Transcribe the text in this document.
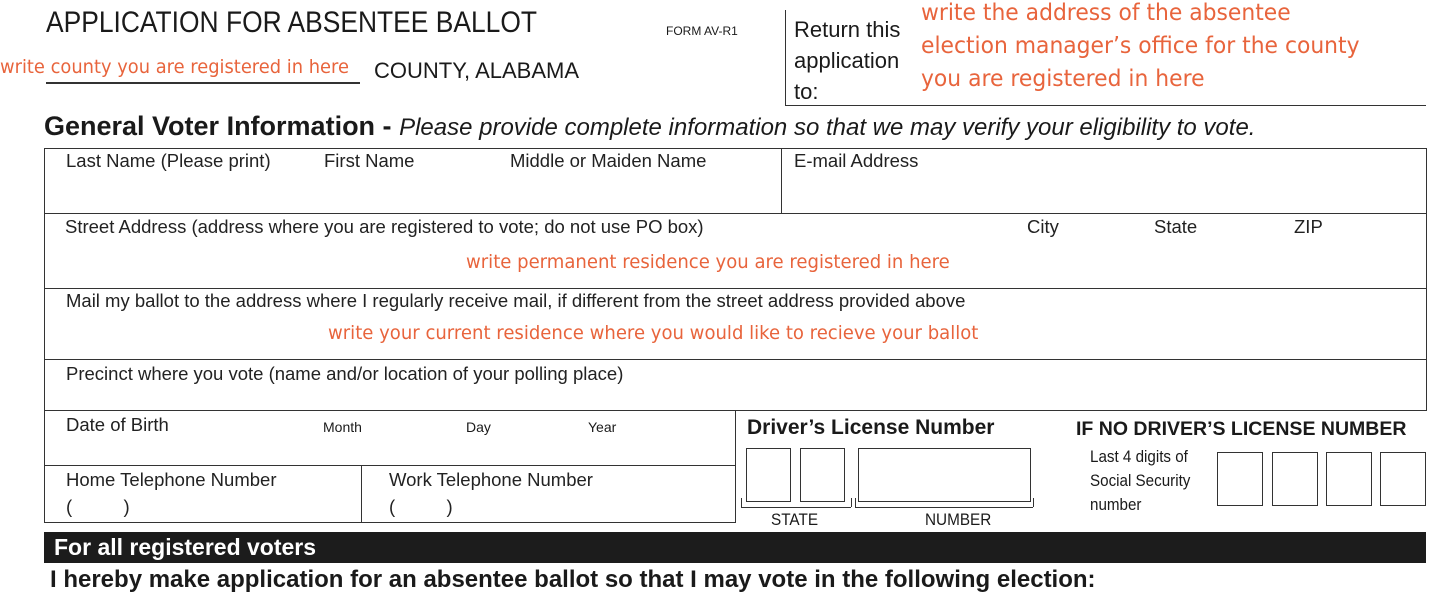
APPLICATION FOR ABSENTEE BALLOT	FORM AV-R1
write county you are registered in here COUNTY, ALABAMA
Return this
application
to:
write the address of the absentee
election manager’s office for the county
you are registered in here
General Voter Information - Please provide complete information so that we may verify your eligibility to vote.
Last Name (Please print)	First Name	Middle or Maiden Name	E-mail Address
Street Address (address where you are registered to vote; do not use PO box)	City	State	ZIP
write permanent residence you are registered in here
Mail my ballot to the address where I regularly receive mail, if different from the street address provided above
write your current residence where you would like to recieve your ballot
Precinct where you vote (name and/or location of your polling place)
Date of Birth	Month	Day	Year
Home Telephone Number
(          )
Work Telephone Number
(          )
Driver’s License Number
STATE	NUMBER
IF NO DRIVER’S LICENSE NUMBER
Last 4 digits of
Social Security
number
For all registered voters
I hereby make application for an absentee ballot so that I may vote in the following election:
